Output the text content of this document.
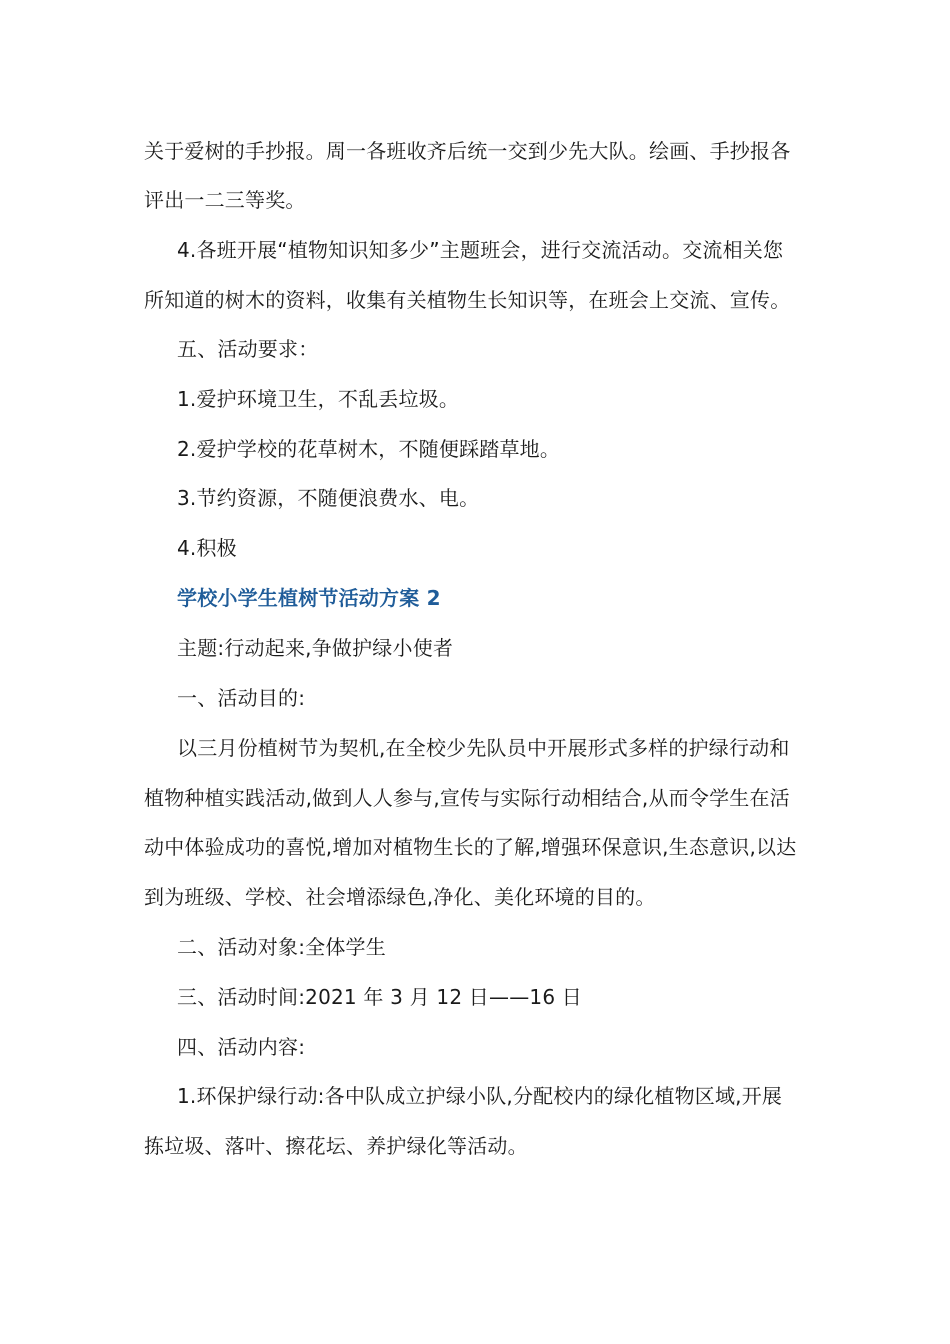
关于爱树的手抄报。周一各班收齐后统一交到少先大队。绘画、手抄报各
评出一二三等奖。
4.各班开展“植物知识知多少”主题班会，进行交流活动。交流相关您
所知道的树木的资料，收集有关植物生长知识等，在班会上交流、宣传。
五、活动要求：
1.爱护环境卫生，不乱丢垃圾。
2.爱护学校的花草树木，不随便踩踏草地。
3.节约资源，不随便浪费水、电。
4.积极
学校小学生植树节活动方案 2
主题:行动起来,争做护绿小使者
一、活动目的:
以三月份植树节为契机,在全校少先队员中开展形式多样的护绿行动和
植物种植实践活动,做到人人参与,宣传与实际行动相结合,从而令学生在活
动中体验成功的喜悦,增加对植物生长的了解,增强环保意识,生态意识,以达
到为班级、学校、社会增添绿色,净化、美化环境的目的。
二、活动对象:全体学生
三、活动时间:2021 年 3 月 12 日——16 日
四、活动内容:
1.环保护绿行动:各中队成立护绿小队,分配校内的绿化植物区域,开展
拣垃圾、落叶、擦花坛、养护绿化等活动。
